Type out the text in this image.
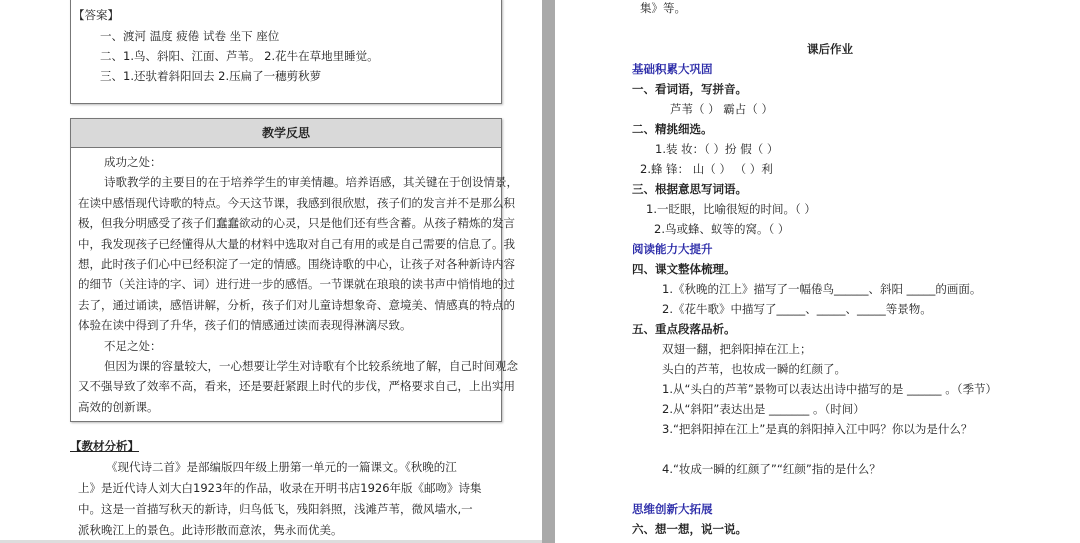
【答案】
一、渡河 温度 疲倦 试卷 坐下 座位
二、1.鸟、斜阳、江面、芦苇。 2.花牛在草地里睡觉。
三、1.还驮着斜阳回去 2.压扁了一穗剪秋萝
教学反思
成功之处：
诗歌教学的主要目的在于培养学生的审美情趣。培养语感，其关键在于创设情景，
在读中感悟现代诗歌的特点。今天这节课，我感到很欣慰，孩子们的发言并不是那么积
极，但我分明感受了孩子们蠢蠢欲动的心灵，只是他们还有些含蓄。从孩子精炼的发言
中，我发现孩子已经懂得从大量的材料中选取对自己有用的或是自己需要的信息了。我
想，此时孩子们心中已经积淀了一定的情感。围绕诗歌的中心，让孩子对各种新诗内容
的细节（关注诗的字、词）进行进一步的感悟。一节课就在琅琅的读书声中悄悄地的过
去了，通过诵读，感悟讲解，分析，孩子们对儿童诗想象奇、意境美、情感真的特点的
体验在读中得到了升华，孩子们的情感通过读而表现得淋漓尽致。
不足之处：
但因为课的容量较大，一心想要让学生对诗歌有个比较系统地了解，自己时间观念
又不强导致了效率不高，看来，还是要赶紧跟上时代的步伐，严格要求自己，上出实用
高效的创新课。
【教材分析】
《现代诗二首》是部编版四年级上册第一单元的一篇课文。《秋晚的江
上》是近代诗人刘大白1923年的作品，收录在开明书店1926年版《邮吻》诗集
中。这是一首描写秋天的新诗，归鸟低飞，残阳斜照，浅滩芦苇，微风墙水,一
派秋晚江上的景色。此诗形散而意浓，隽永而优美。
集》等。
课后作业
基础积累大巩固
一、看词语，写拼音。
芦苇（ ） 霸占（ ）
二、精挑细选。
1.装 妆：（ ）扮 假（ ）
2.蜂 锋： 山（ ） （ ）利
三、根据意思写词语。
1.一眨眼，比喻很短的时间。（ ）
2.鸟或蜂、蚁等的窝。（ ）
阅读能力大提升
四、课文整体梳理。
1.《秋晚的江上》描写了一幅倦鸟______、斜阳 _____的画面。
2.《花牛歌》中描写了_____、_____、_____等景物。
五、重点段落品析。
双翅一翻，把斜阳掉在江上；
头白的芦苇，也妆成一瞬的红颜了。
1.从“头白的芦苇”景物可以表达出诗中描写的是 ______ 。（季节）
2.从“斜阳”表达出是 _______ 。（时间）
3.“把斜阳掉在江上”是真的斜阳掉入江中吗？你以为是什么？
4.“妆成一瞬的红颜了”“红颜”指的是什么？
思维创新大拓展
六、想一想，说一说。
